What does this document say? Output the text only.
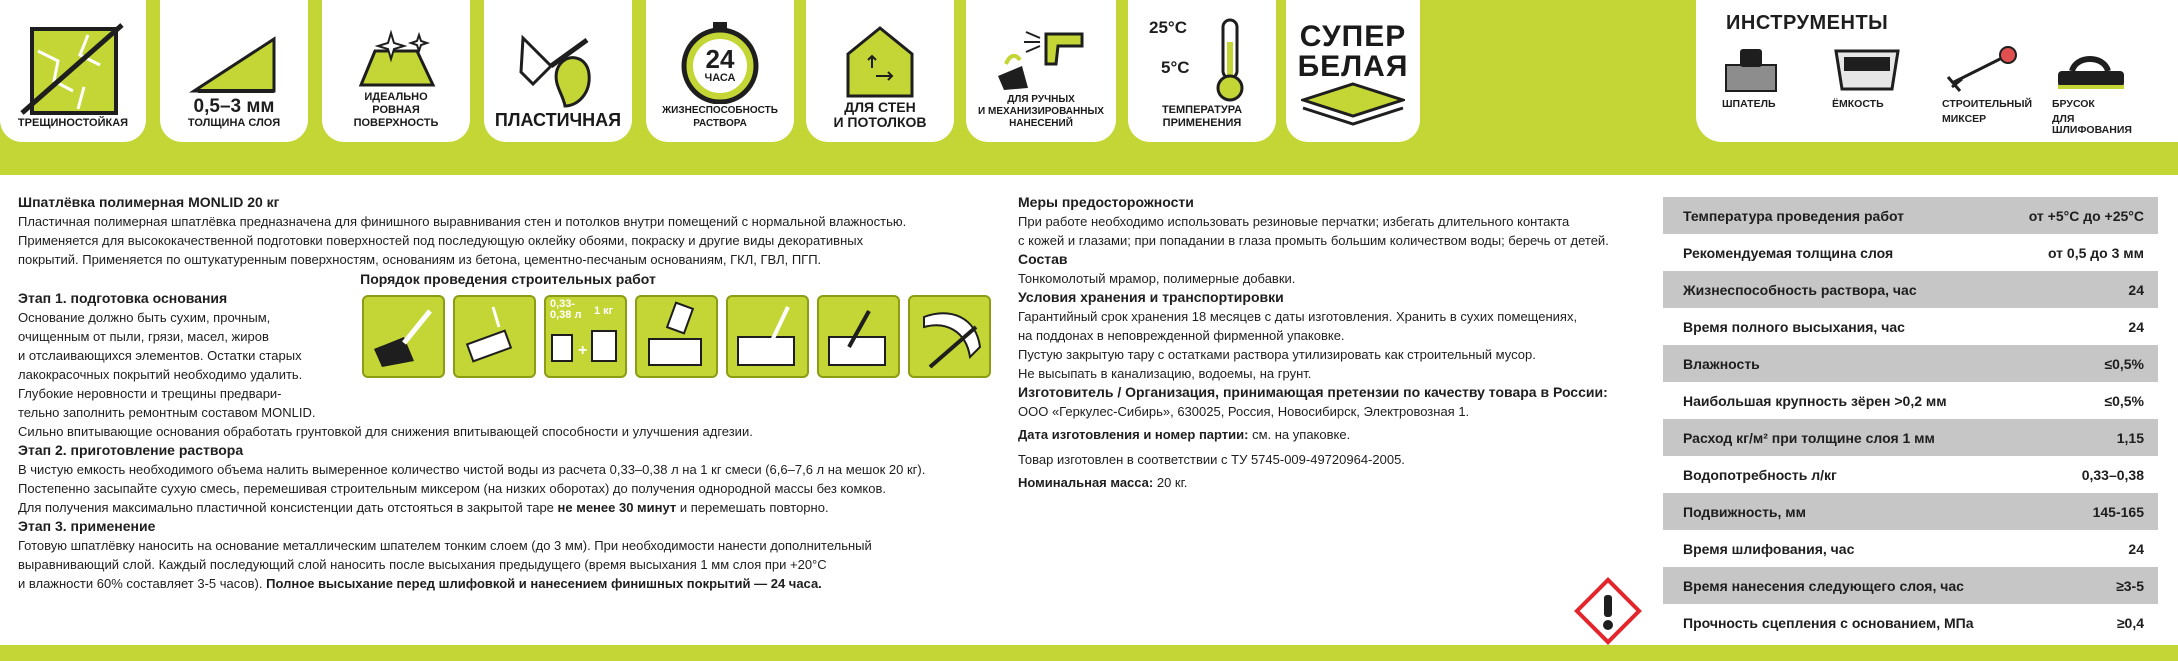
ТРЕЩИНОСТОЙКАЯ
0,5–3 мм
ТОЛЩИНА СЛОЯ
ИДЕАЛЬНО
РОВНАЯ
ПОВЕРХНОСТЬ	ПЛАСТИЧНАЯ
24
ЧАСА
ЖИЗНЕСПОСОБНОСТЬ
РАСТВОРА
ДЛЯ СТЕН
И ПОТОЛКОВ
ДЛЯ РУЧНЫХ
И МЕХАНИЗИРОВАННЫХ
НАНЕСЕНИЙ
25°C
5°C
ТЕМПЕРАТУРА
ПРИМЕНЕНИЯ
СУПЕР
БЕЛАЯ
ИНСТРУМЕНТЫ
ШПАТЕЛЬ	ЁМКОСТЬ	СТРОИТЕЛЬНЫЙ
МИКСЕР
БРУСОК
ДЛЯ ШЛИФОВАНИЯ

Шпатлёвка полимерная MONLID 20 кг

Пластичная полимерная шпатлёвка предназначена для финишного выравнивания стен и потолков внутри помещений с нормальной влажностью.

Применяется для высококачественной подготовки поверхностей под последующую оклейку обоями, покраску и другие виды декоративных

покрытий. Применяется по оштукатуренным поверхностям, основаниям из бетона, цементно-песчаным основаниям, ГКЛ, ГВЛ, ПГП.

Порядок проведения строительных работ

Этап 1. подготовка основания

Основание должно быть сухим, прочным,

очищенным от пыли, грязи, масел, жиров

и отслаивающихся элементов. Остатки старых

лакокрасочных покрытий необходимо удалить.

Глубокие неровности и трещины предвари-

тельно заполнить ремонтным составом MONLID.

0,33-
0,38 л 1 кг
+

Сильно впитывающие основания обработать грунтовкой для снижения впитывающей способности и улучшения адгезии.

Этап 2. приготовление раствора

В чистую емкость необходимого объема налить вымеренное количество чистой воды из расчета 0,33–0,38 л на 1 кг смеси (6,6–7,6 л на мешок 20 кг).

Постепенно засыпайте сухую смесь, перемешивая строительным миксером (на низких оборотах) до получения однородной массы без комков.

Для получения максимально пластичной консистенции дать отстояться в закрытой таре не менее 30 минут и перемешать повторно.

Этап 3. применение

Готовую шпатлёвку наносить на основание металлическим шпателем тонким слоем (до 3 мм). При необходимости нанести дополнительный

выравнивающий слой. Каждый последующий слой наносить после высыхания предыдущего (время высыхания 1 мм слоя при +20°C

и влажности 60% составляет 3-5 часов). Полное высыхание перед шлифовкой и нанесением финишных покрытий — 24 часа.

Меры предосторожности

При работе необходимо использовать резиновые перчатки; избегать длительного контакта

с кожей и глазами; при попадании в глаза промыть большим количеством воды; беречь от детей.

Состав

Тонкомолотый мрамор, полимерные добавки.

Условия хранения и транспортировки

Гарантийный срок хранения 18 месяцев с даты изготовления. Хранить в сухих помещениях,

на поддонах в неповрежденной фирменной упаковке.

Пустую закрытую тару с остатками раствора утилизировать как строительный мусор.

Не высыпать в канализацию, водоемы, на грунт.

Изготовитель / Организация, принимающая претензии по качеству товара в России:

ООО «Геркулес-Сибирь», 630025, Россия, Новосибирск, Электровозная 1.

Дата изготовления и номер партии: см. на упаковке.

Товар изготовлен в соответствии с ТУ 5745-009-49720964-2005.

Номинальная масса: 20 кг.

Температура проведения работ	от +5°C до +25°C
Рекомендуемая толщина слоя	от 0,5 до 3 мм
Жизнеспособность раствора, час	24
Время полного высыхания, час	24
Влажность	≤0,5%
Наибольшая крупность зёрен >0,2 мм	≤0,5%
Расход кг/м² при толщине слоя 1 мм	1,15
Водопотребность л/кг	0,33–0,38
Подвижность, мм	145-165
Время шлифования, час	24
Время нанесения следующего слоя, час	≥3-5
Прочность сцепления с основанием, МПа	≥0,4
